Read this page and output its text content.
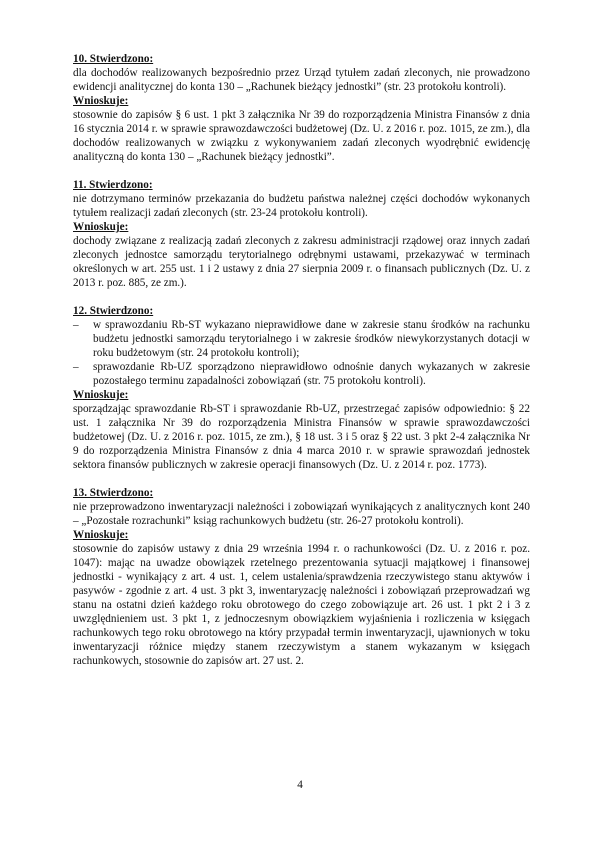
10. Stwierdzono:
dla dochodów realizowanych bezpośrednio przez Urząd tytułem zadań zleconych, nie prowadzono ewidencji analitycznej do konta 130 – „Rachunek bieżący jednostki” (str. 23 protokołu kontroli).
Wnioskuje:
stosownie do zapisów § 6 ust. 1 pkt 3 załącznika Nr 39 do rozporządzenia Ministra Finansów z dnia 16 stycznia 2014 r. w sprawie sprawozdawczości budżetowej (Dz. U. z 2016 r. poz. 1015, ze zm.), dla dochodów realizowanych w związku z wykonywaniem zadań zleconych wyodrębnić ewidencję analityczną do konta 130 – „Rachunek bieżący jednostki”.
11. Stwierdzono:
nie dotrzymano terminów przekazania do budżetu państwa należnej części dochodów wykonanych tytułem realizacji zadań zleconych (str. 23-24 protokołu kontroli).
Wnioskuje:
dochody związane z realizacją zadań zleconych z zakresu administracji rządowej oraz innych zadań zleconych jednostce samorządu terytorialnego odrębnymi ustawami, przekazywać w terminach określonych w art. 255 ust. 1 i 2 ustawy z dnia 27 sierpnia 2009 r. o finansach publicznych (Dz. U. z 2013 r. poz. 885, ze zm.).
12. Stwierdzono:
– w sprawozdaniu Rb-ST wykazano nieprawidłowe dane w zakresie stanu środków na rachunku budżetu jednostki samorządu terytorialnego i w zakresie środków niewykorzystanych dotacji w roku budżetowym (str. 24 protokołu kontroli);
– sprawozdanie Rb-UZ sporządzono nieprawidłowo odnośnie danych wykazanych w zakresie pozostałego terminu zapadalności zobowiązań (str. 75 protokołu kontroli).
Wnioskuje:
sporządzając sprawozdanie Rb-ST i sprawozdanie Rb-UZ, przestrzegać zapisów odpowiednio: § 22 ust. 1 załącznika Nr 39 do rozporządzenia Ministra Finansów w sprawie sprawozdawczości budżetowej (Dz. U. z 2016 r. poz. 1015, ze zm.), § 18 ust. 3 i 5 oraz § 22 ust. 3 pkt 2-4 załącznika Nr 9 do rozporządzenia Ministra Finansów z dnia 4 marca 2010 r. w sprawie sprawozdań jednostek sektora finansów publicznych w zakresie operacji finansowych (Dz. U. z 2014 r. poz. 1773).
13. Stwierdzono:
nie przeprowadzono inwentaryzacji należności i zobowiązań wynikających z analitycznych kont 240 – „Pozostałe rozrachunki” ksiąg rachunkowych budżetu (str. 26-27 protokołu kontroli).
Wnioskuje:
stosownie do zapisów ustawy z dnia 29 września 1994 r. o rachunkowości (Dz. U. z 2016 r. poz. 1047): mając na uwadze obowiązek rzetelnego prezentowania sytuacji majątkowej i finansowej jednostki - wynikający z art. 4 ust. 1, celem ustalenia/sprawdzenia rzeczywistego stanu aktywów i pasywów - zgodnie z art. 4 ust. 3 pkt 3, inwentaryzację należności i zobowiązań przeprowadzań wg stanu na ostatni dzień każdego roku obrotowego do czego zobowiązuje art. 26 ust. 1 pkt 2 i 3 z uwzględnieniem ust. 3 pkt 1, z jednoczesnym obowiązkiem wyjaśnienia i rozliczenia w księgach rachunkowych tego roku obrotowego na który przypadał termin inwentaryzacji, ujawnionych w toku inwentaryzacji różnice między stanem rzeczywistym a stanem wykazanym w księgach rachunkowych, stosownie do zapisów art. 27 ust. 2.
4
